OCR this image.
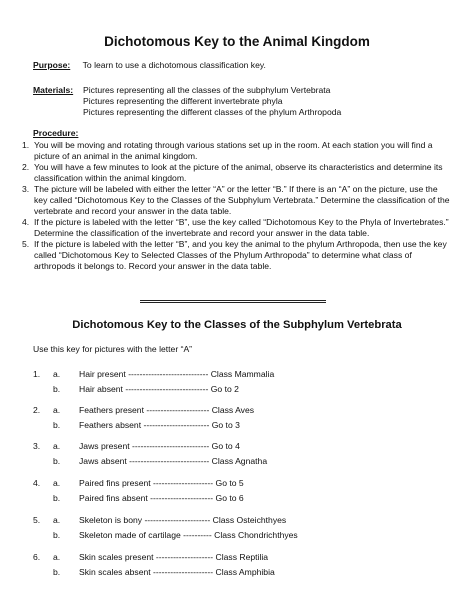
Dichotomous Key to the Animal Kingdom
Purpose: To learn to use a dichotomous classification key.
Materials: Pictures representing all the classes of the subphylum Vertebrata
Pictures representing the different invertebrate phyla
Pictures representing the different classes of the phylum Arthropoda
Procedure:
1. You will be moving and rotating through various stations set up in the room. At each station you will find a picture of an animal in the animal kingdom.
2. You will have a few minutes to look at the picture of the animal, observe its characteristics and determine its classification within the animal kingdom.
3. The picture will be labeled with either the letter “A” or the letter “B.” If there is an “A” on the picture, use the key called “Dichotomous Key to the Classes of the Subphylum Vertebrata.” Determine the classification of the vertebrate and record your answer in the data table.
4. If the picture is labeled with the letter “B”, use the key called “Dichotomous Key to the Phyla of Invertebrates.” Determine the classification of the invertebrate and record your answer in the data table.
5. If the picture is labeled with the letter “B”, and you key the animal to the phylum Arthropoda, then use the key called “Dichotomous Key to Selected Classes of the Phylum Arthropoda” to determine what class of arthropods it belongs to. Record your answer in the data table.
Dichotomous Key to the Classes of the Subphylum Vertebrata
Use this key for pictures with the letter “A”
1. a. Hair present ---------------------------- Class Mammalia
b. Hair absent ----------------------------- Go to 2
2. a. Feathers present ---------------------- Class Aves
b. Feathers absent ----------------------- Go to 3
3. a. Jaws present --------------------------- Go to 4
b. Jaws absent ---------------------------- Class Agnatha
4. a. Paired fins present --------------------- Go to 5
b. Paired fins absent ---------------------- Go to 6
5. a. Skeleton is bony ----------------------- Class Osteichthyes
b. Skeleton made of cartilage ---------- Class Chondrichthyes
6. a. Skin scales present -------------------- Class Reptilia
b. Skin scales absent --------------------- Class Amphibia
